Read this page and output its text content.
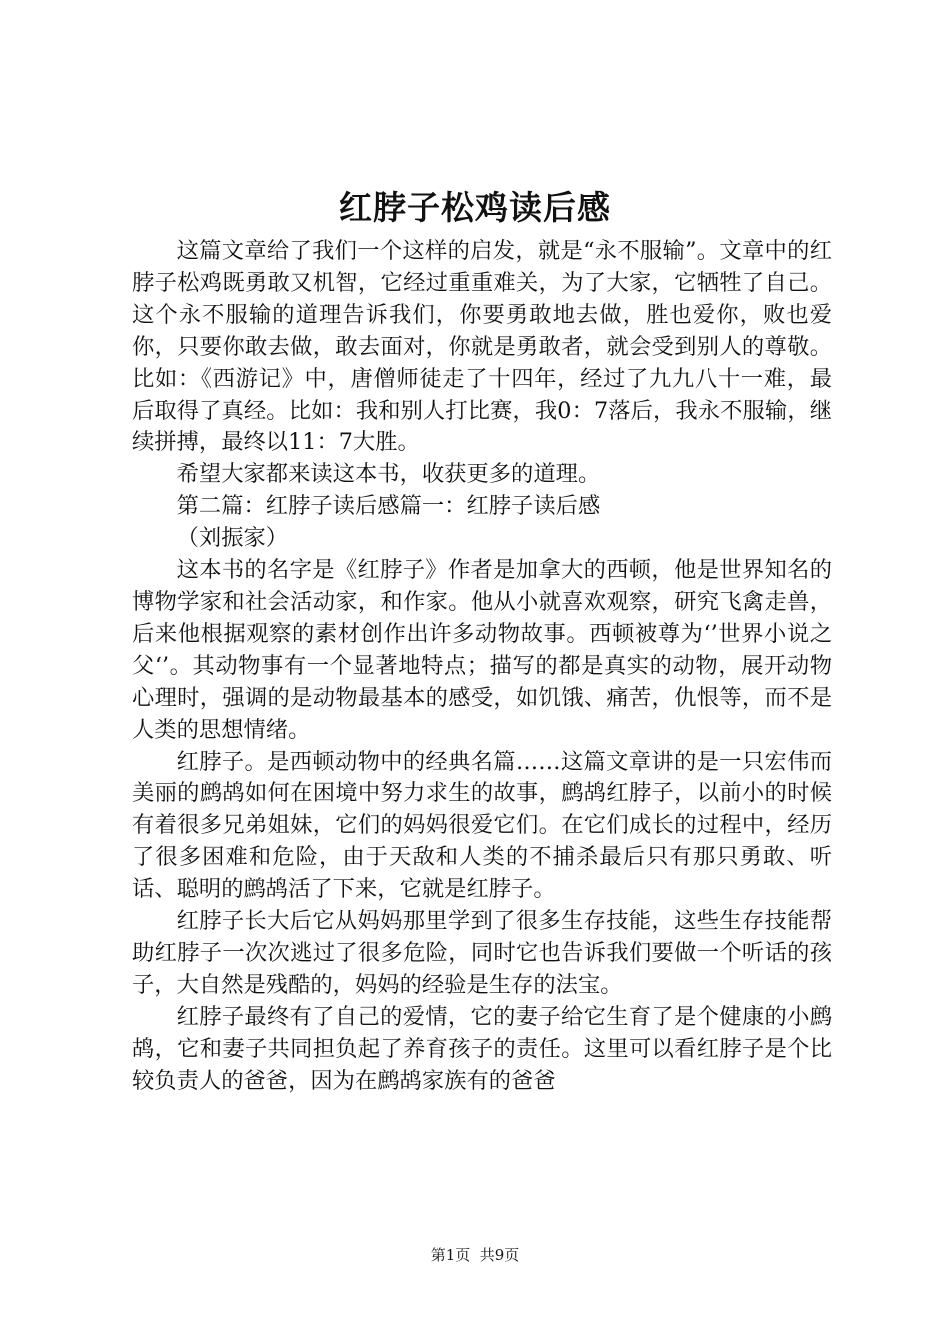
红脖子松鸡读后感

这篇文章给了我们一个这样的启发，就是“永不服输”。文章中的红脖子松鸡既勇敢又机智，它经过重重难关，为了大家，它牺牲了自己。这个永不服输的道理告诉我们，你要勇敢地去做，胜也爱你，败也爱你，只要你敢去做，敢去面对，你就是勇敢者，就会受到别人的尊敬。比如：《西游记》中，唐僧师徒走了十四年，经过了九九八十一难，最后取得了真经。比如：我和别人打比赛，我0：7落后，我永不服输，继续拼搏，最终以11：7大胜。

希望大家都来读这本书，收获更多的道理。

第二篇：红脖子读后感篇一：红脖子读后感

（刘振家）

这本书的名字是《红脖子》作者是加拿大的西顿，他是世界知名的博物学家和社会活动家，和作家。他从小就喜欢观察，研究飞禽走兽，后来他根据观察的素材创作出许多动物故事。西顿被尊为‘’世界小说之父‘’。其动物事有一个显著地特点；描写的都是真实的动物，展开动物心理时，强调的是动物最基本的感受，如饥饿、痛苦，仇恨等，而不是人类的思想情绪。

红脖子。是西顿动物中的经典名篇……这篇文章讲的是一只宏伟而美丽的鹧鸪如何在困境中努力求生的故事，鹧鸪红脖子，以前小的时候有着很多兄弟姐妹，它们的妈妈很爱它们。在它们成长的过程中，经历了很多困难和危险，由于天敌和人类的不捕杀最后只有那只勇敢、听话、聪明的鹧鸪活了下来，它就是红脖子。

红脖子长大后它从妈妈那里学到了很多生存技能，这些生存技能帮助红脖子一次次逃过了很多危险，同时它也告诉我们要做一个听话的孩子，大自然是残酷的，妈妈的经验是生存的法宝。

红脖子最终有了自己的爱情，它的妻子给它生育了是个健康的小鹧鸪，它和妻子共同担负起了养育孩子的责任。这里可以看红脖子是个比较负责人的爸爸，因为在鹧鸪家族有的爸爸

第1页  共9页
